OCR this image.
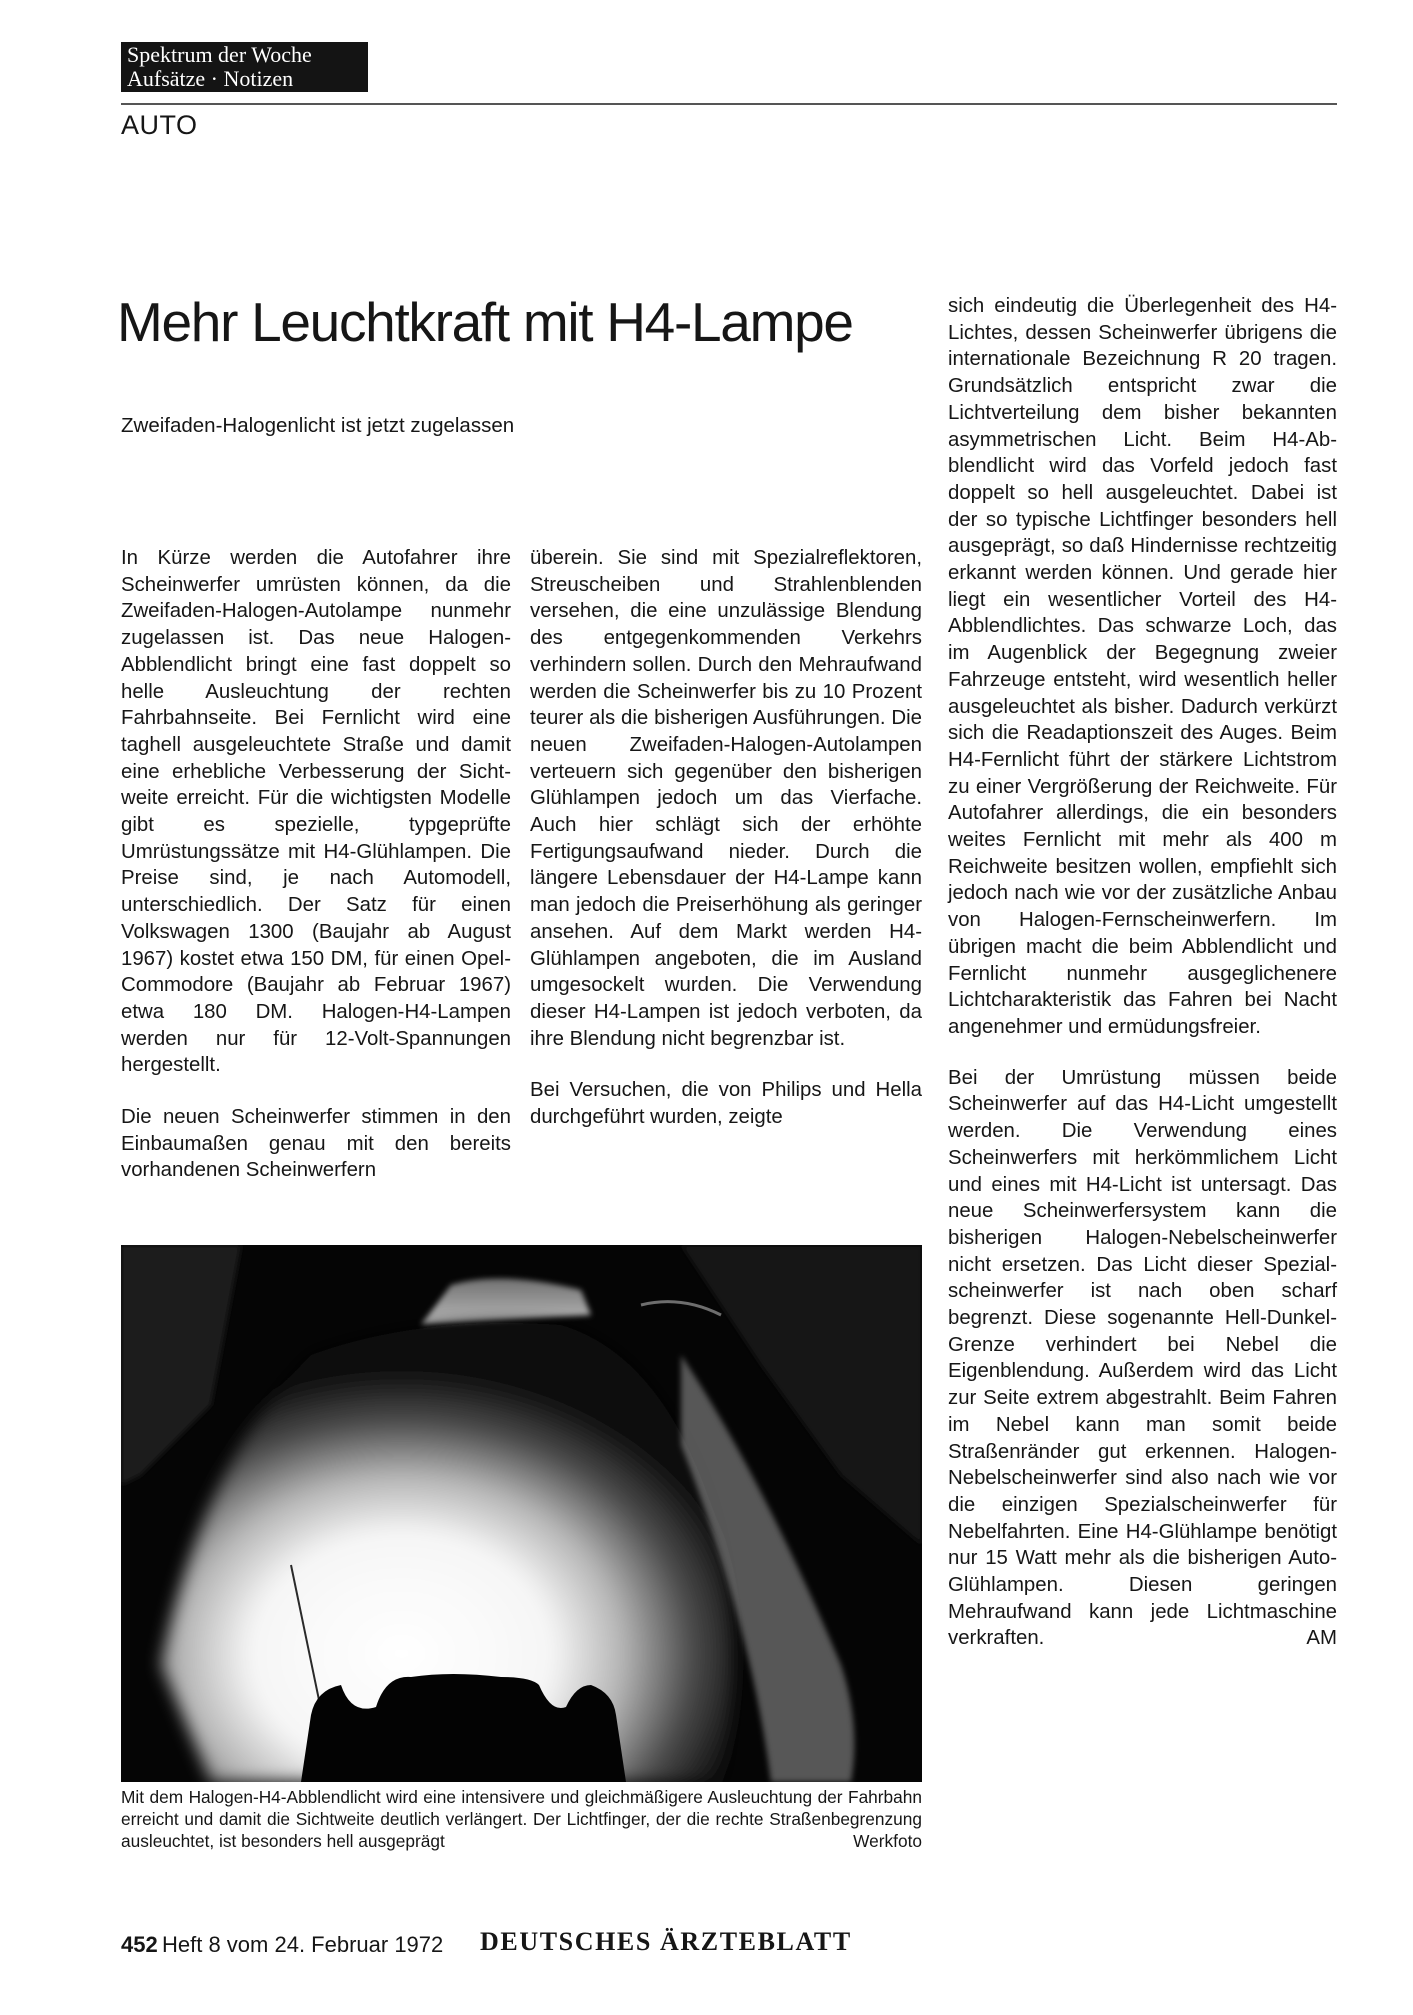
Spektrum der Woche
Aufsätze · Notizen
AUTO
Mehr Leuchtkraft mit H4-Lampe
Zweifaden-Halogenlicht ist jetzt zugelassen

In Kürze werden die Autofahrer ihre Scheinwerfer umrüsten können, da die Zweifaden-Halogen-Autolampe nunmehr zugelassen ist. Das neue Halogen-Abblendlicht bringt eine fast doppelt so helle Ausleuchtung der rechten Fahrbahnseite. Bei Fernlicht wird eine taghell ausgeleuchtete Straße und damit eine erhebliche Verbesserung der Sichtweite erreicht. Für die wichtigsten Modelle gibt es spezielle, typgeprüfte Umrüstungssätze mit H4-Glühlampen. Die Preise sind, je nach Automodell, unterschiedlich. Der Satz für einen Volkswagen 1300 (Baujahr ab August 1967) kostet etwa 150 DM, für einen Opel-Commodore (Baujahr ab Februar 1967) etwa 180 DM. Halogen-H4-Lampen werden nur für 12-Volt-Spannungen hergestellt.

Die neuen Scheinwerfer stimmen in den Einbaumaßen genau mit den bereits vorhandenen Scheinwerfern

überein. Sie sind mit Spezialreflektoren, Streuscheiben und Strahlenblenden versehen, die eine unzulässige Blendung des entgegenkommenden Verkehrs verhindern sollen. Durch den Mehraufwand werden die Scheinwerfer bis zu 10 Prozent teurer als die bisherigen Ausführungen. Die neuen Zweifaden-Halogen-Autolampen verteuern sich gegenüber den bisherigen Glühlampen jedoch um das Vierfache. Auch hier schlägt sich der erhöhte Fertigungsaufwand nieder. Durch die längere Lebensdauer der H4-Lampe kann man jedoch die Preiserhöhung als geringer ansehen. Auf dem Markt werden H4-Glühlampen angeboten, die im Ausland umgesockelt wurden. Die Verwendung dieser H4-Lampen ist jedoch verboten, da ihre Blendung nicht begrenzbar ist.

Bei Versuchen, die von Philips und Hella durchgeführt wurden, zeigte

sich eindeutig die Überlegenheit des H4-Lichtes, dessen Scheinwerfer übrigens die internationale Bezeichnung R 20 tragen. Grundsätzlich entspricht zwar die Lichtverteilung dem bisher bekannten asymmetrischen Licht. Beim H4-Abblendlicht wird das Vorfeld jedoch fast doppelt so hell ausgeleuchtet. Dabei ist der so typische Lichtfinger besonders hell ausgeprägt, so daß Hindernisse rechtzeitig erkannt werden können. Und gerade hier liegt ein wesentlicher Vorteil des H4-Abblendlichtes. Das schwarze Loch, das im Augenblick der Begegnung zweier Fahrzeuge entsteht, wird wesentlich heller ausgeleuchtet als bisher. Dadurch verkürzt sich die Readaptionszeit des Auges. Beim H4-Fernlicht führt der stärkere Lichtstrom zu einer Vergrößerung der Reichweite. Für Autofahrer allerdings, die ein besonders weites Fernlicht mit mehr als 400 m Reichweite besitzen wollen, empfiehlt sich jedoch nach wie vor der zusätzliche Anbau von Halogen-Fernscheinwerfern. Im übrigen macht die beim Abblendlicht und Fernlicht nunmehr ausgeglichenere Lichtcharakteristik das Fahren bei Nacht angenehmer und ermüdungsfreier.

Bei der Umrüstung müssen beide Scheinwerfer auf das H4-Licht umgestellt werden. Die Verwendung eines Scheinwerfers mit herkömmlichem Licht und eines mit H4-Licht ist untersagt. Das neue Scheinwerfersystem kann die bisherigen Halogen-Nebelscheinwerfer nicht ersetzen. Das Licht dieser Spezialscheinwerfer ist nach oben scharf begrenzt. Diese sogenannte Hell-Dunkel-Grenze verhindert bei Nebel die Eigenblendung. Außerdem wird das Licht zur Seite extrem abgestrahlt. Beim Fahren im Nebel kann man somit beide Straßenränder gut erkennen. Halogen-Nebelscheinwerfer sind also nach wie vor die einzigen Spezialscheinwerfer für Nebelfahrten. Eine H4-Glühlampe benötigt nur 15 Watt mehr als die bisherigen Auto-Glühlampen. Diesen geringen Mehraufwand kann jede Lichtmaschine verkraften.	AM

Mit dem Halogen-H4-Abblendlicht wird eine intensivere und gleichmäßigere Ausleuchtung der Fahrbahn erreicht und damit die Sichtweite deutlich verlängert. Der Lichtfinger, der die rechte Straßenbegrenzung ausleuchtet, ist besonders hell ausgeprägt	Werkfoto
452 Heft 8 vom 24. Februar 1972 DEUTSCHES ÄRZTEBLATT
